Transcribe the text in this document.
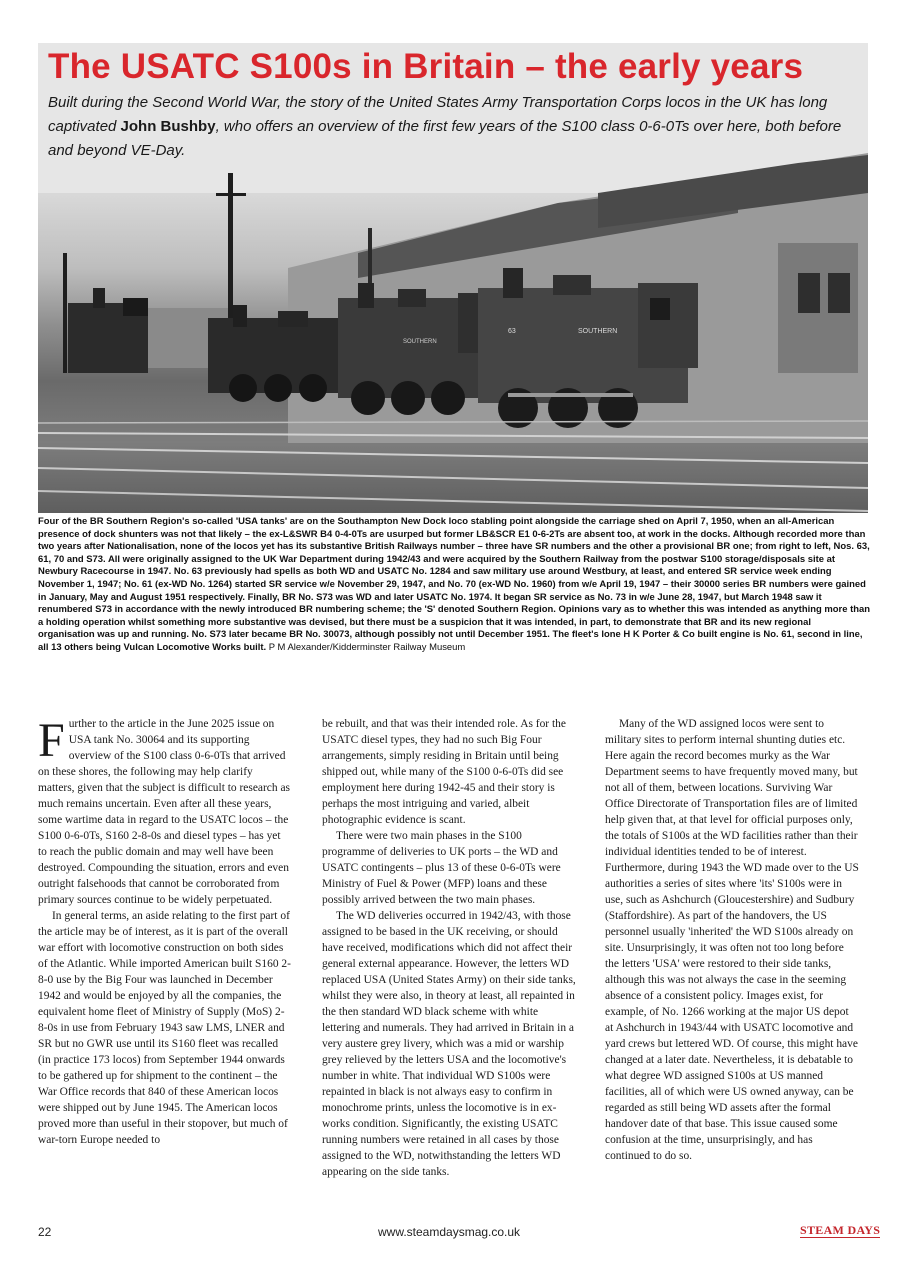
SOUTHERN
63	SOUTHERN
The USATC S100s in Britain – the early years

Built during the Second World War, the story of the United States Army Transportation Corps locos in the UK has long captivated John Bushby, who offers an overview of the first few years of the S100 class 0-6-0Ts over here, both before and beyond VE-Day.

Four of the BR Southern Region's so-called 'USA tanks' are on the Southampton New Dock loco stabling point alongside the carriage shed on April 7, 1950, when an all-American presence of dock shunters was not that likely – the ex-L&SWR B4 0-4-0Ts are usurped but former LB&SCR E1 0-6-2Ts are absent too, at work in the docks. Although recorded more than two years after Nationalisation, none of the locos yet has its substantive British Railways number – three have SR numbers and the other a provisional BR one; from right to left, Nos. 63, 61, 70 and S73. All were originally assigned to the UK War Department during 1942/43 and were acquired by the Southern Railway from the postwar S100 storage/disposals site at Newbury Racecourse in 1947. No. 63 previously had spells as both WD and USATC No. 1284 and saw military use around Westbury, at least, and entered SR service week ending November 1, 1947; No. 61 (ex-WD No. 1264) started SR service w/e November 29, 1947, and No. 70 (ex-WD No. 1960) from w/e April 19, 1947 – their 30000 series BR numbers were gained in January, May and August 1951 respectively. Finally, BR No. S73 was WD and later USATC No. 1974. It began SR service as No. 73 in w/e June 28, 1947, but March 1948 saw it renumbered S73 in accordance with the newly introduced BR numbering scheme; the 'S' denoted Southern Region. Opinions vary as to whether this was intended as anything more than a holding operation whilst something more substantive was devised, but there must be a suspicion that it was intended, in part, to demonstrate that BR and its new regional organisation was up and running. No. S73 later became BR No. 30073, although possibly not until December 1951. The fleet's lone H K Porter & Co built engine is No. 61, second in line, all 13 others being Vulcan Locomotive Works built. P M Alexander/Kidderminster Railway Museum

Further to the article in the June 2025 issue on USA tank No. 30064 and its supporting overview of the S100 class 0-6-0Ts that arrived on these shores, the following may help clarify matters, given that the subject is difficult to research as much remains uncertain. Even after all these years, some wartime data in regard to the USATC locos – the S100 0-6-0Ts, S160 2-8-0s and diesel types – has yet to reach the public domain and may well have been destroyed. Compounding the situation, errors and even outright falsehoods that cannot be corroborated from primary sources continue to be widely perpetuated.

In general terms, an aside relating to the first part of the article may be of interest, as it is part of the overall war effort with locomotive construction on both sides of the Atlantic. While imported American built S160 2-8-0 use by the Big Four was launched in December 1942 and would be enjoyed by all the companies, the equivalent home fleet of Ministry of Supply (MoS) 2-8-0s in use from February 1943 saw LMS, LNER and SR but no GWR use until its S160 fleet was recalled (in practice 173 locos) from September 1944 onwards to be gathered up for shipment to the continent – the War Office records that 840 of these American locos were shipped out by June 1945. The American locos proved more than useful in their stopover, but much of war-torn Europe needed to

be rebuilt, and that was their intended role. As for the USATC diesel types, they had no such Big Four arrangements, simply residing in Britain until being shipped out, while many of the S100 0-6-0Ts did see employment here during 1942-45 and their story is perhaps the most intriguing and varied, albeit photographic evidence is scant.

There were two main phases in the S100 programme of deliveries to UK ports – the WD and USATC contingents – plus 13 of these 0-6-0Ts were Ministry of Fuel & Power (MFP) loans and these possibly arrived between the two main phases.

The WD deliveries occurred in 1942/43, with those assigned to be based in the UK receiving, or should have received, modifications which did not affect their general external appearance. However, the letters WD replaced USA (United States Army) on their side tanks, whilst they were also, in theory at least, all repainted in the then standard WD black scheme with white lettering and numerals. They had arrived in Britain in a very austere grey livery, which was a mid or warship grey relieved by the letters USA and the locomotive's number in white. That individual WD S100s were repainted in black is not always easy to confirm in monochrome prints, unless the locomotive is in ex-works condition. Significantly, the existing USATC running numbers were retained in all cases by those assigned to the WD, notwithstanding the letters WD appearing on the side tanks.

Many of the WD assigned locos were sent to military sites to perform internal shunting duties etc. Here again the record becomes murky as the War Department seems to have frequently moved many, but not all of them, between locations. Surviving War Office Directorate of Transportation files are of limited help given that, at that level for official purposes only, the totals of S100s at the WD facilities rather than their individual identities tended to be of interest. Furthermore, during 1943 the WD made over to the US authorities a series of sites where 'its' S100s were in use, such as Ashchurch (Gloucestershire) and Sudbury (Staffordshire). As part of the handovers, the US personnel usually 'inherited' the WD S100s already on site. Unsurprisingly, it was often not too long before the letters 'USA' were restored to their side tanks, although this was not always the case in the seeming absence of a consistent policy. Images exist, for example, of No. 1266 working at the major US depot at Ashchurch in 1943/44 with USATC locomotive and yard crews but lettered WD. Of course, this might have changed at a later date. Nevertheless, it is debatable to what degree WD assigned S100s at US manned facilities, all of which were US owned anyway, can be regarded as still being WD assets after the formal handover date of that base. This issue caused some confusion at the time, unsurprisingly, and has continued to do so.

22	www.steamdaysmag.co.uk	STEAM DAYS
